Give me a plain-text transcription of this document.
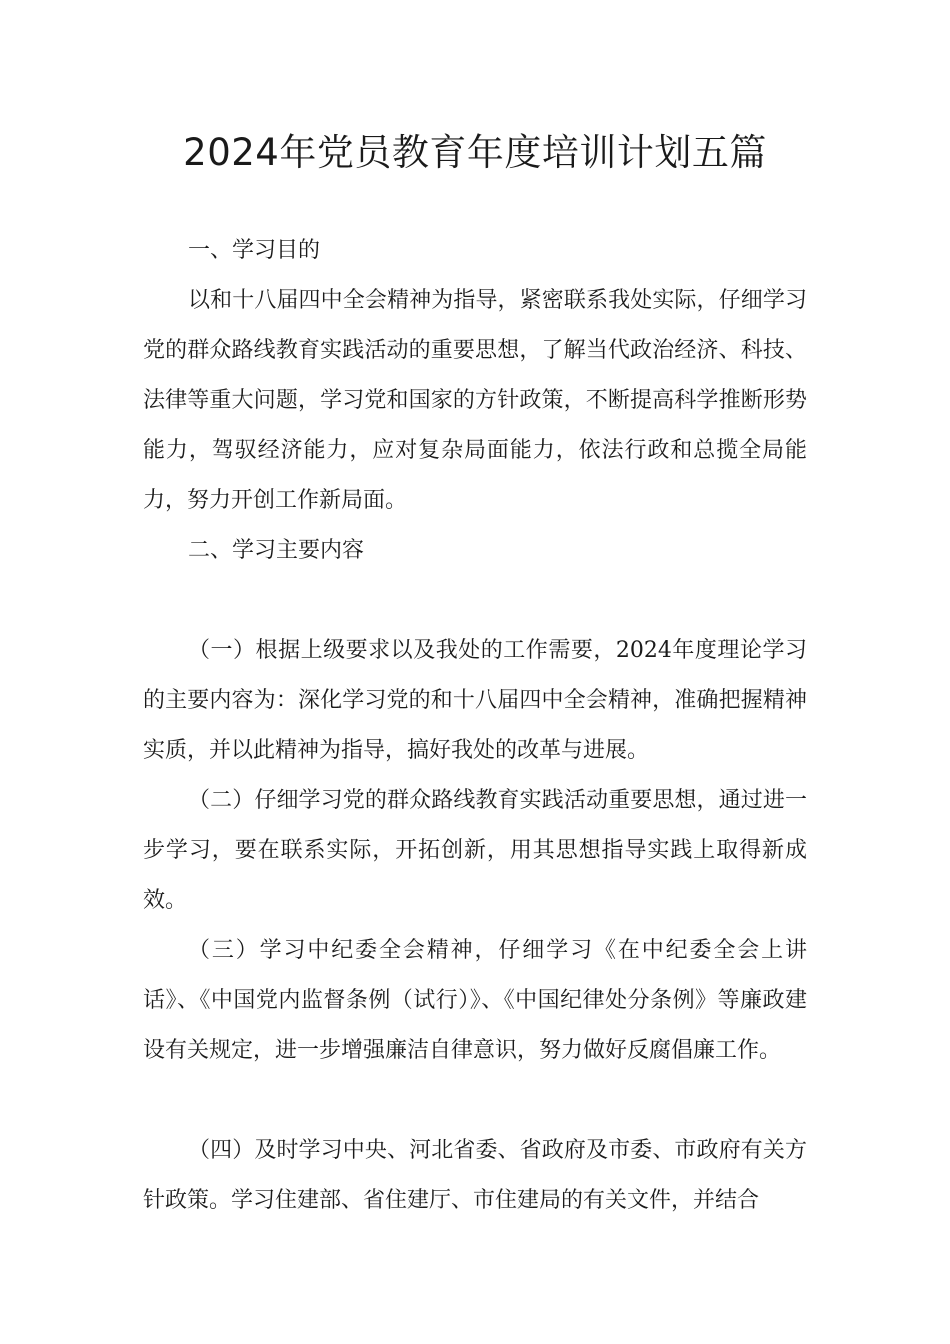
2024年党员教育年度培训计划五篇

一、学习目的

以和十八届四中全会精神为指导，紧密联系我处实际，仔细学习党的群众路线教育实践活动的重要思想，了解当代政治经济、科技、法律等重大问题，学习党和国家的方针政策，不断提高科学推断形势能力，驾驭经济能力，应对复杂局面能力，依法行政和总揽全局能力，努力开创工作新局面。

二、学习主要内容

（一）根据上级要求以及我处的工作需要，2024年度理论学习的主要内容为：深化学习党的和十八届四中全会精神，准确把握精神实质，并以此精神为指导，搞好我处的改革与进展。

（二）仔细学习党的群众路线教育实践活动重要思想，通过进一步学习，要在联系实际，开拓创新，用其思想指导实践上取得新成效。

（三）学习中纪委全会精神，仔细学习《在中纪委全会上讲话》、《中国党内监督条例（试行）》、《中国纪律处分条例》等廉政建设有关规定，进一步增强廉洁自律意识，努力做好反腐倡廉工作。

（四）及时学习中央、河北省委、省政府及市委、市政府有关方针政策。学习住建部、省住建厅、市住建局的有关文件，并结合
